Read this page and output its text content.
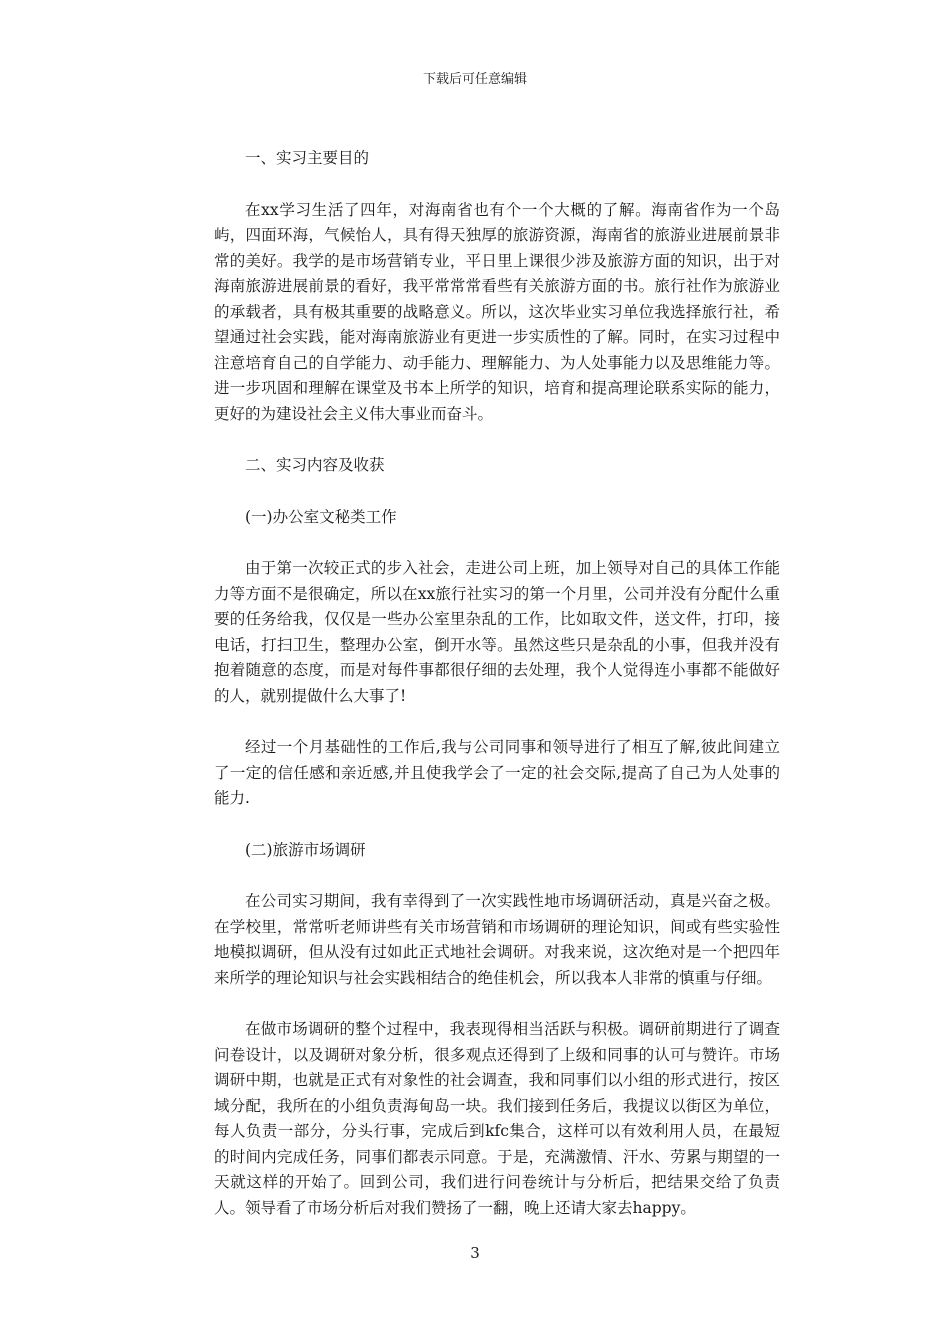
下载后可任意编辑

一、实习主要目的

在xx学习生活了四年，对海南省也有个一个大概的了解。海南省作为一个岛屿，四面环海，气候怡人，具有得天独厚的旅游资源，海南省的旅游业进展前景非常的美好。我学的是市场营销专业，平日里上课很少涉及旅游方面的知识，出于对海南旅游进展前景的看好，我平常常常看些有关旅游方面的书。旅行社作为旅游业的承载者，具有极其重要的战略意义。所以，这次毕业实习单位我选择旅行社，希望通过社会实践，能对海南旅游业有更进一步实质性的了解。同时，在实习过程中注意培育自己的自学能力、动手能力、理解能力、为人处事能力以及思维能力等。进一步巩固和理解在课堂及书本上所学的知识，培育和提高理论联系实际的能力，更好的为建设社会主义伟大事业而奋斗。

二、实习内容及收获

(一)办公室文秘类工作

由于第一次较正式的步入社会，走进公司上班，加上领导对自己的具体工作能力等方面不是很确定，所以在xx旅行社实习的第一个月里，公司并没有分配什么重要的任务给我，仅仅是一些办公室里杂乱的工作，比如取文件，送文件，打印，接电话，打扫卫生，整理办公室，倒开水等。虽然这些只是杂乱的小事，但我并没有抱着随意的态度，而是对每件事都很仔细的去处理，我个人觉得连小事都不能做好的人，就别提做什么大事了!

经过一个月基础性的工作后,我与公司同事和领导进行了相互了解,彼此间建立了一定的信任感和亲近感,并且使我学会了一定的社会交际,提高了自己为人处事的能力.

(二)旅游市场调研

在公司实习期间，我有幸得到了一次实践性地市场调研活动，真是兴奋之极。在学校里，常常听老师讲些有关市场营销和市场调研的理论知识，间或有些实验性地模拟调研，但从没有过如此正式地社会调研。对我来说，这次绝对是一个把四年来所学的理论知识与社会实践相结合的绝佳机会，所以我本人非常的慎重与仔细。

在做市场调研的整个过程中，我表现得相当活跃与积极。调研前期进行了调查问卷设计，以及调研对象分析，很多观点还得到了上级和同事的认可与赞许。市场调研中期，也就是正式有对象性的社会调查，我和同事们以小组的形式进行，按区域分配，我所在的小组负责海甸岛一块。我们接到任务后，我提议以街区为单位，每人负责一部分，分头行事，完成后到kfc集合，这样可以有效利用人员，在最短的时间内完成任务，同事们都表示同意。于是，充满激情、汗水、劳累与期望的一天就这样的开始了。回到公司，我们进行问卷统计与分析后，把结果交给了负责人。领导看了市场分析后对我们赞扬了一翻，晚上还请大家去happy。

3
